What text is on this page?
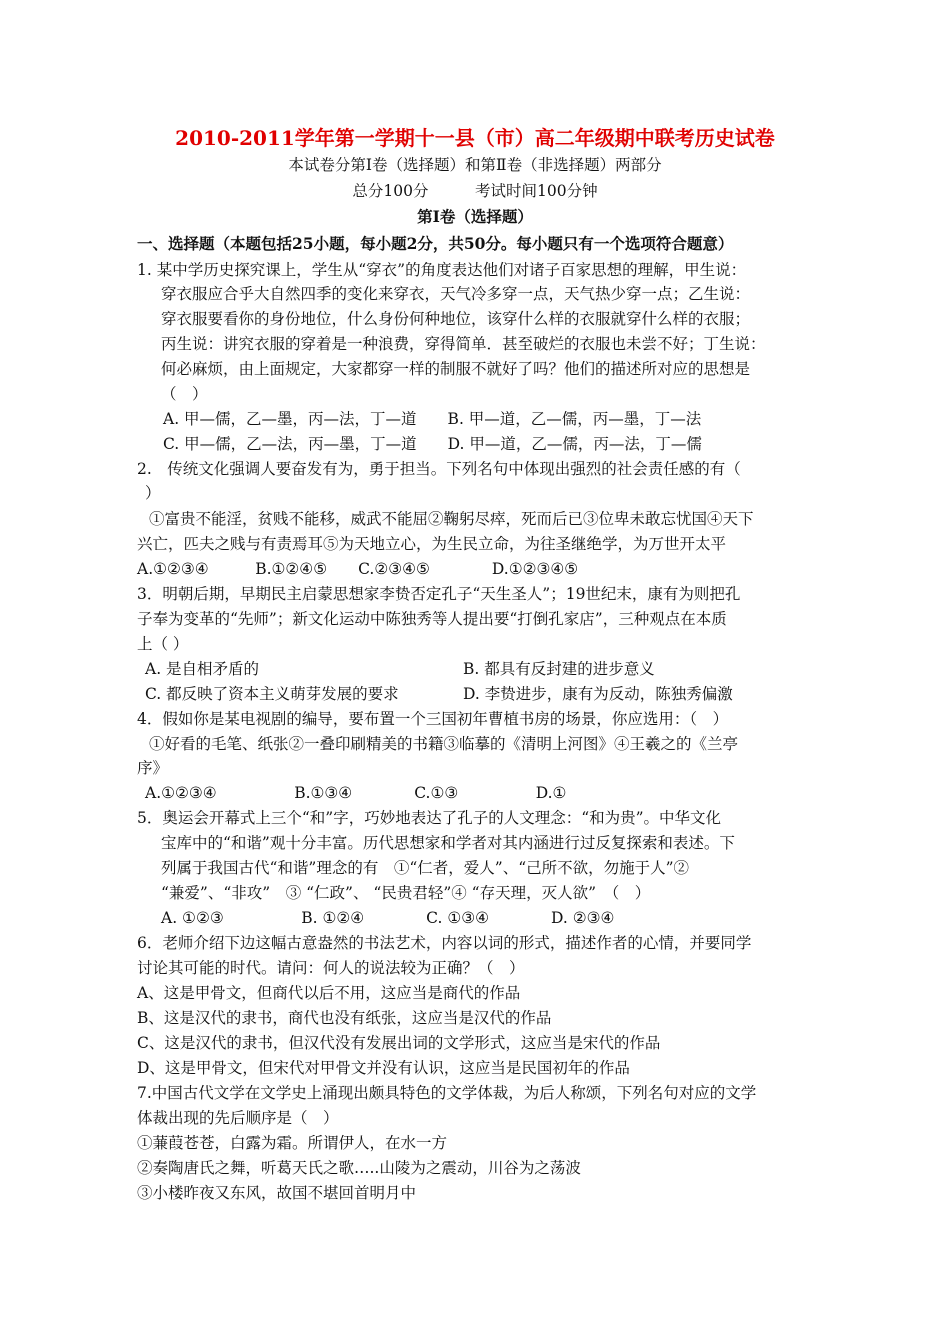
2010-2011学年第一学期十一县（市）高二年级期中联考历史试卷
本试卷分第Ⅰ卷（选择题）和第Ⅱ卷（非选择题）两部分
总分100分　　　考试时间100分钟
第Ⅰ卷（选择题）
一、选择题（本题包括25小题，每小题2分，共50分。每小题只有一个选项符合题意）
1. 某中学历史探究课上，学生从“穿衣”的角度表达他们对诸子百家思想的理解，甲生说：
穿衣服应合乎大自然四季的变化来穿衣，天气冷多穿一点，天气热少穿一点；乙生说：
穿衣服要看你的身份地位，什么身份何种地位，该穿什么样的衣服就穿什么样的衣服；
丙生说：讲究衣服的穿着是一种浪费，穿得简单．甚至破烂的衣服也未尝不好；丁生说：
何必麻烦，由上面规定，大家都穿一样的制服不就好了吗？他们的描述所对应的思想是
（　）
A. 甲—儒，乙—墨，丙—法，丁—道　　B. 甲—道，乙—儒，丙—墨，丁—法
C. 甲—儒，乙—法，丙—墨，丁—道　　D. 甲—道，乙—儒，丙—法，丁—儒
2.　传统文化强调人要奋发有为，勇于担当。下列名句中体现出强烈的社会责任感的有（
）
①富贵不能淫，贫贱不能移，威武不能屈②鞠躬尽瘁，死而后已③位卑未敢忘忧国④天下
兴亡，匹夫之贱与有责焉耳⑤为天地立心，为生民立命，为往圣继绝学，为万世开太平
A.①②③④　　　B.①②④⑤　　C.②③④⑤　　　　D.①②③④⑤
3．明朝后期，早期民主启蒙思想家李贽否定孔子“天生圣人”；19世纪末，康有为则把孔
子奉为变革的“先师”；新文化运动中陈独秀等人提出要“打倒孔家店”，三种观点在本质
上（ ）
A. 是自相矛盾的	B. 都具有反封建的进步意义
C. 都反映了资本主义萌芽发展的要求	D. 李贽进步，康有为反动，陈独秀偏激
4．假如你是某电视剧的编导，要布置一个三国初年曹植书房的场景，你应选用：（　）
①好看的毛笔、纸张②一叠印刷精美的书籍③临摹的《清明上河图》④王羲之的《兰亭
序》
A.①②③④　　　　　B.①③④　　　　C.①③　　　　　D.①
5．奥运会开幕式上三个“和”字，巧妙地表达了孔子的人文理念：“和为贵”。中华文化
宝库中的“和谐”观十分丰富。历代思想家和学者对其内涵进行过反复探索和表述。下
列属于我国古代“和谐”理念的有　①“仁者，爱人”、“己所不欲，勿施于人”②
“兼爱”、“非攻”　③ “仁政”、 “民贵君轻”④ “存天理，灭人欲”　（　）
A. ①②③　　　　　B. ①②④　　　　C. ①③④　　　　D. ②③④
6．老师介绍下边这幅古意盎然的书法艺术，内容以词的形式，描述作者的心情，并要同学
讨论其可能的时代。请问：何人的说法较为正确？（　）
A、这是甲骨文，但商代以后不用，这应当是商代的作品
B、这是汉代的隶书，商代也没有纸张，这应当是汉代的作品
C、这是汉代的隶书，但汉代没有发展出词的文学形式，这应当是宋代的作品
D、这是甲骨文，但宋代对甲骨文并没有认识，这应当是民国初年的作品
7.中国古代文学在文学史上涌现出颇具特色的文学体裁，为后人称颂，下列名句对应的文学
体裁出现的先后顺序是（　）
①蒹葭苍苍，白露为霜。所谓伊人，在水一方
②奏陶唐氏之舞，听葛天氏之歌…..山陵为之震动，川谷为之荡波
③小楼昨夜又东风，故国不堪回首明月中
